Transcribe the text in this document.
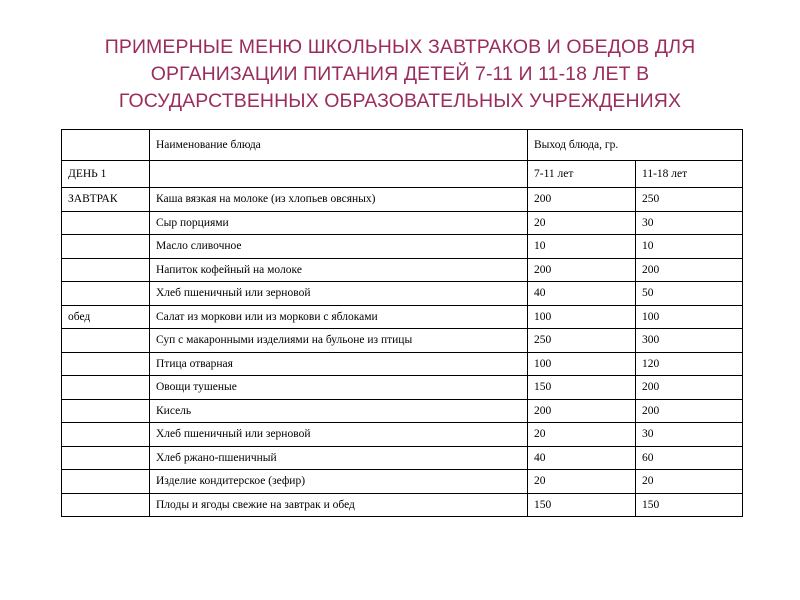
ПРИМЕРНЫЕ МЕНЮ ШКОЛЬНЫХ ЗАВТРАКОВ И ОБЕДОВ ДЛЯ
ОРГАНИЗАЦИИ ПИТАНИЯ ДЕТЕЙ 7-11 И 11-18 ЛЕТ В
ГОСУДАРСТВЕННЫХ ОБРАЗОВАТЕЛЬНЫХ УЧРЕЖДЕНИЯХ
	Наименование блюда	Выход блюда, гр.	
ДЕНЬ 1		7-11 лет	11-18 лет
ЗАВТРАК	Каша вязкая на молоке (из хлопьев овсяных)	200	250
	Сыр порциями	20	30
	Масло сливочное	10	10
	Напиток кофейный на молоке	200	200
	Хлеб пшеничный или зерновой	40	50
обед	Салат из моркови или из моркови с яблоками	100	100
	Суп с макаронными изделиями на бульоне из птицы	250	300
	Птица отварная	100	120
	Овощи тушеные	150	200
	Кисель	200	200
	Хлеб пшеничный или зерновой	20	30
	Хлеб ржано-пшеничный	40	60
	Изделие кондитерское (зефир)	20	20
	Плоды и ягоды свежие на завтрак и обед	150	150
